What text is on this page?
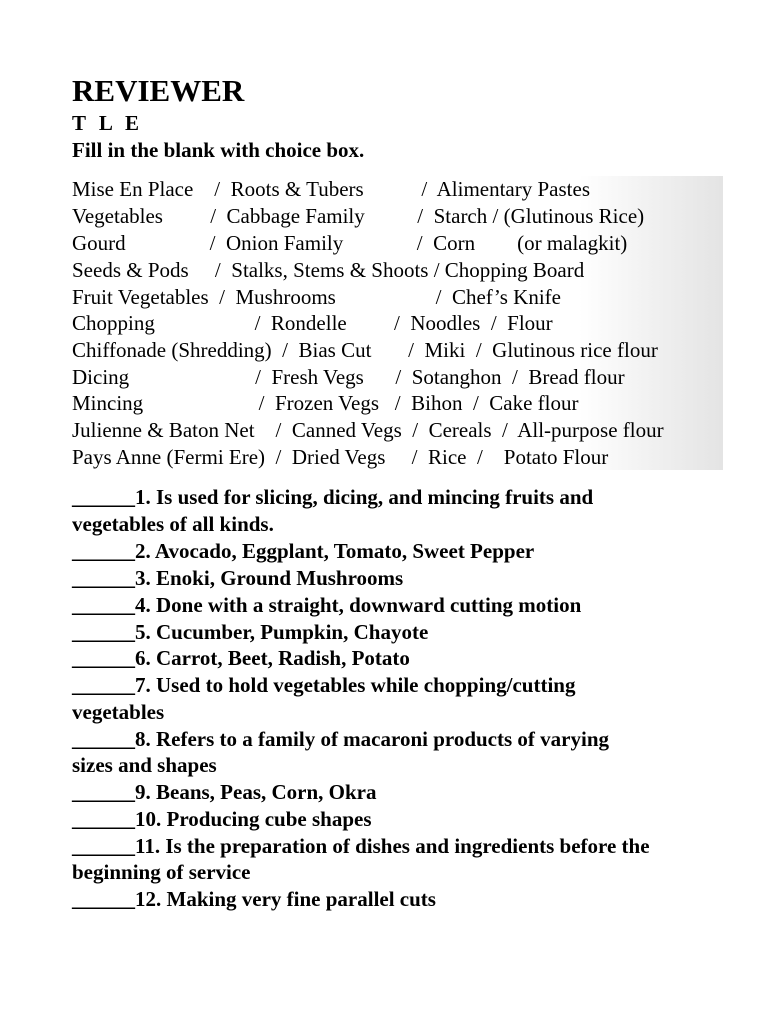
REVIEWER
T L E
Fill in the blank with choice box.
Mise En Place    /  Roots & Tubers           /  Alimentary Pastes
Vegetables         /  Cabbage Family          /  Starch / (Glutinous Rice)
Gourd                /  Onion Family              /  Corn        (or malagkit)
Seeds & Pods     /  Stalks, Stems & Shoots / Chopping Board
Fruit Vegetables  /  Mushrooms                   /  Chef’s Knife
Chopping                   /  Rondelle         /  Noodles  /  Flour
Chiffonade (Shredding)  /  Bias Cut       /  Miki  /  Glutinous rice flour
Dicing                        /  Fresh Vegs      /  Sotanghon  /  Bread flour
Mincing                      /  Frozen Vegs   /  Bihon  /  Cake flour
Julienne & Baton Net    /  Canned Vegs  /  Cereals  /  All-purpose flour
Pays Anne (Fermi Ere)  /  Dried Vegs     /  Rice  /    Potato Flour
______1. Is used for slicing, dicing, and mincing fruits and
vegetables of all kinds.
______2. Avocado, Eggplant, Tomato, Sweet Pepper
______3. Enoki, Ground Mushrooms
______4. Done with a straight, downward cutting motion
______5. Cucumber, Pumpkin, Chayote
______6. Carrot, Beet, Radish, Potato
______7. Used to hold vegetables while chopping/cutting
vegetables
______8. Refers to a family of macaroni products of varying
sizes and shapes
______9. Beans, Peas, Corn, Okra
______10. Producing cube shapes
______11. Is the preparation of dishes and ingredients before the
beginning of service
______12. Making very fine parallel cuts
